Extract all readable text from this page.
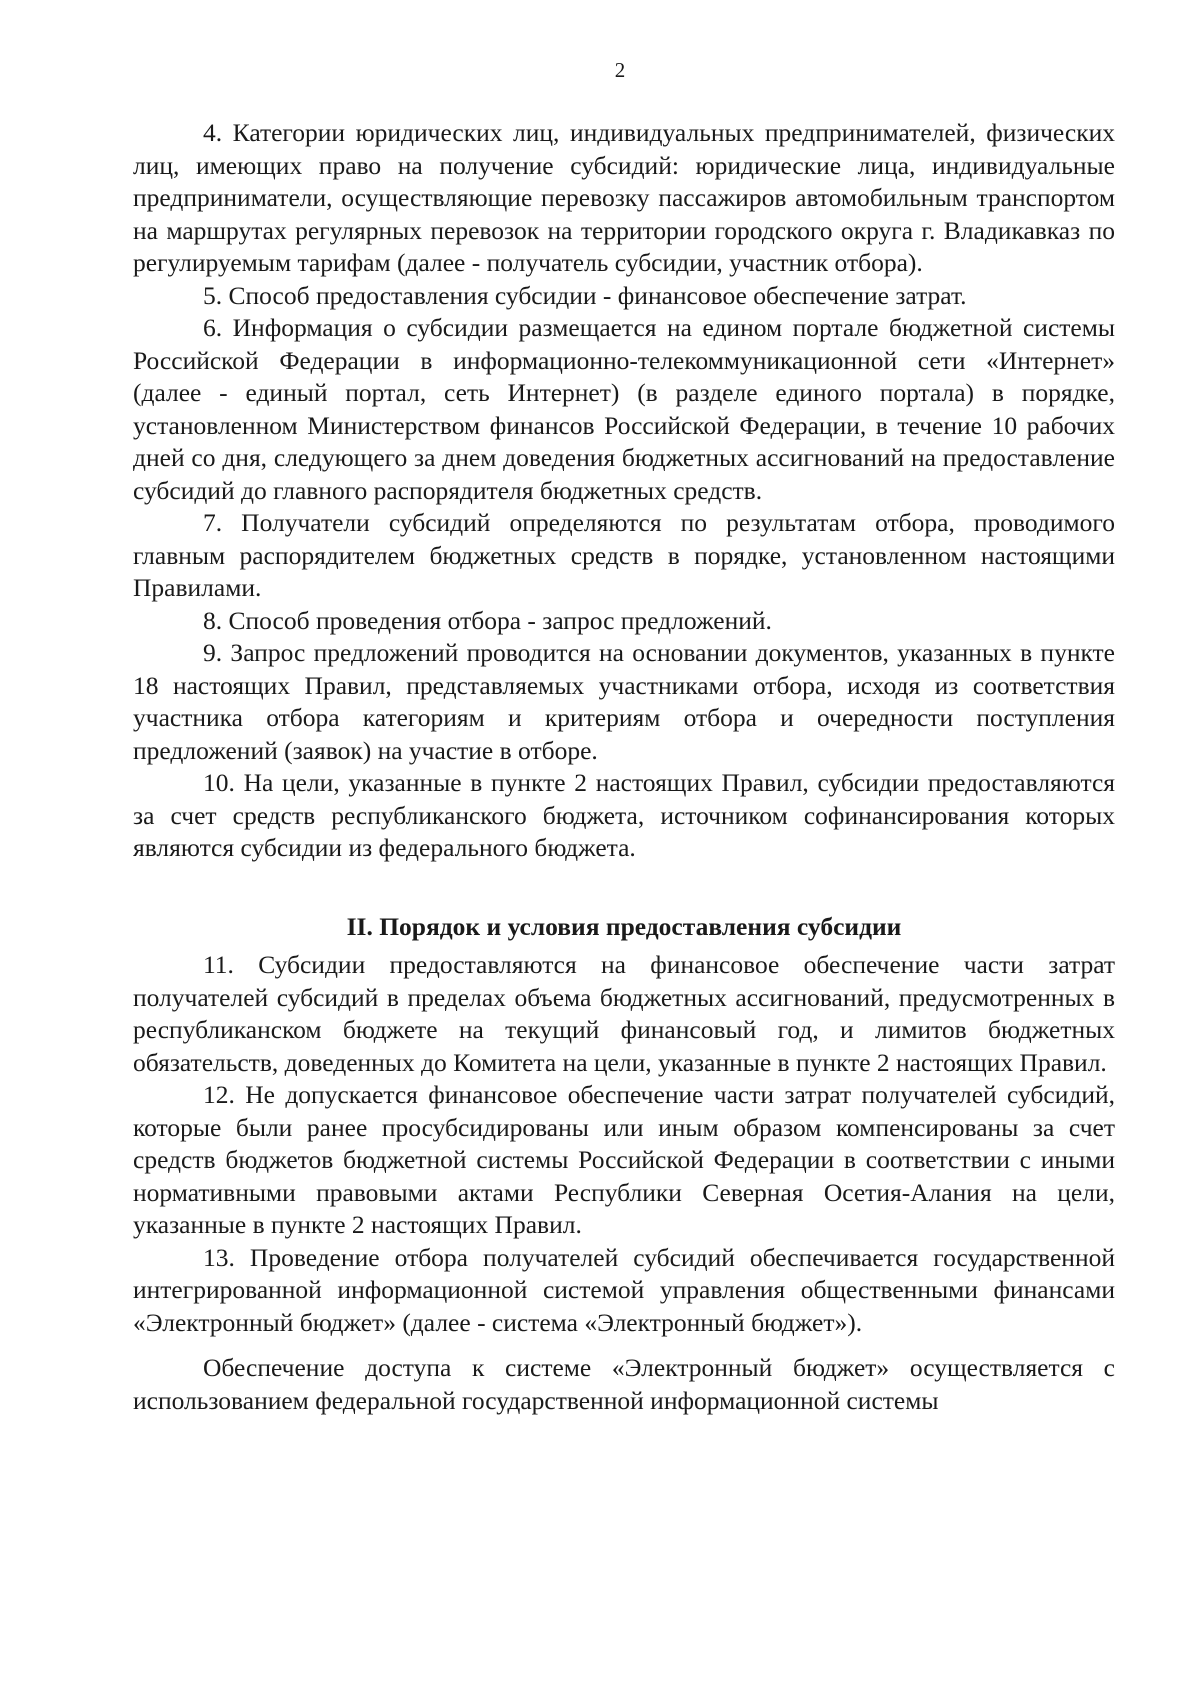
2

4. Категории юридических лиц, индивидуальных предпринимателей, физических лиц, имеющих право на получение субсидий: юридические лица, индивидуальные предприниматели, осуществляющие перевозку пассажиров автомобильным транспортом на маршрутах регулярных перевозок на территории городского округа г. Владикавказ по регулируемым тарифам (далее - получатель субсидии, участник отбора).

5. Способ предоставления субсидии - финансовое обеспечение затрат.

6. Информация о субсидии размещается на едином портале бюджетной системы Российской Федерации в информационно-телекоммуникационной сети «Интернет» (далее - единый портал, сеть Интернет) (в разделе единого портала) в порядке, установленном Министерством финансов Российской Федерации, в течение 10 рабочих дней со дня, следующего за днем доведения бюджетных ассигнований на предоставление субсидий до главного распорядителя бюджетных средств.

7. Получатели субсидий определяются по результатам отбора, проводимого главным распорядителем бюджетных средств в порядке, установленном настоящими Правилами.

8. Способ проведения отбора - запрос предложений.

9. Запрос предложений проводится на основании документов, указанных в пункте 18 настоящих Правил, представляемых участниками отбора, исходя из соответствия участника отбора категориям и критериям отбора и очередности поступления предложений (заявок) на участие в отборе.

10. На цели, указанные в пункте 2 настоящих Правил, субсидии предоставляются за счет средств республиканского бюджета, источником софинансирования которых являются субсидии из федерального бюджета.

II. Порядок и условия предоставления субсидии

11. Субсидии предоставляются на финансовое обеспечение части затрат получателей субсидий в пределах объема бюджетных ассигнований, предусмотренных в республиканском бюджете на текущий финансовый год, и лимитов бюджетных обязательств, доведенных до Комитета на цели, указанные в пункте 2 настоящих Правил.

12. Не допускается финансовое обеспечение части затрат получателей субсидий, которые были ранее просубсидированы или иным образом компенсированы за счет средств бюджетов бюджетной системы Российской Федерации в соответствии с иными нормативными правовыми актами Республики Северная Осетия-Алания на цели, указанные в пункте 2 настоящих Правил.

13. Проведение отбора получателей субсидий обеспечивается государственной интегрированной информационной системой управления общественными финансами «Электронный бюджет» (далее - система «Электронный бюджет»).

Обеспечение доступа к системе «Электронный бюджет» осуществляется с использованием федеральной государственной информационной системы
